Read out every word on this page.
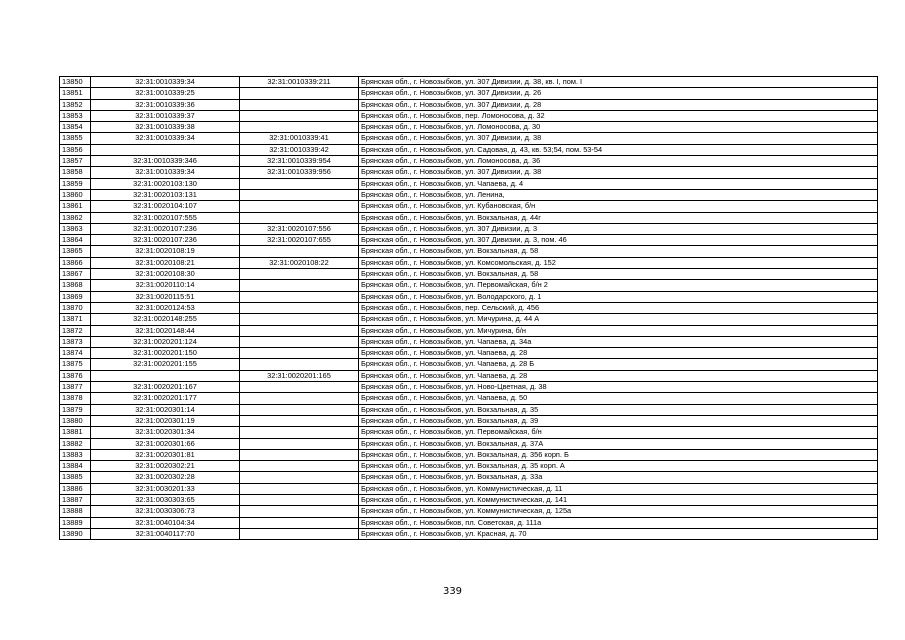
13850	32:31:0010339:34	32:31:0010339:211	Брянская обл., г. Новозыбков, ул. 307 Дивизии, д. 38, кв. I, пом. I
13851	32:31:0010339:25		Брянская обл., г. Новозыбков, ул. 307 Дивизии, д. 26
13852	32:31:0010339:36		Брянская обл., г. Новозыбков, ул. 307 Дивизии, д. 28
13853	32:31:0010339:37		Брянская обл., г. Новозыбков, пер. Ломоносова, д. 32
13854	32:31:0010339:38		Брянская обл., г. Новозыбков, ул. Ломоносова, д. 30
13855	32:31:0010339:34	32:31:0010339:41	Брянская обл., г. Новозыбков, ул. 307 Дивизии, д. 38
13856		32:31:0010339:42	Брянская обл., г. Новозыбков, ул. Садовая, д. 43, кв. 53;54, пом. 53-54
13857	32:31:0010339:346	32:31:0010339:954	Брянская обл., г. Новозыбков, ул. Ломоносова, д. 36
13858	32:31:0010339:34	32:31:0010339:956	Брянская обл., г. Новозыбков, ул. 307 Дивизии, д. 38
13859	32:31:0020103:130		Брянская обл., г. Новозыбков, ул. Чапаева, д. 4
13860	32:31:0020103:131		Брянская обл., г. Новозыбков, ул. Ленина,
13861	32:31:0020104:107		Брянская обл., г. Новозыбков, ул. Кубановская, б/н
13862	32:31:0020107:555		Брянская обл., г. Новозыбков, ул. Вокзальная, д. 44г
13863	32:31:0020107:236	32:31:0020107:556	Брянская обл., г. Новозыбков, ул. 307 Дивизии, д. 3
13864	32:31:0020107:236	32:31:0020107:655	Брянская обл., г. Новозыбков, ул. 307 Дивизии, д. 3, пом. 46
13865	32:31:0020108:19		Брянская обл., г. Новозыбков, ул. Вокзальная, д. 58
13866	32:31:0020108:21	32:31:0020108:22	Брянская обл., г. Новозыбков, ул. Комсомольская, д. 152
13867	32:31:0020108:30		Брянская обл., г. Новозыбков, ул. Вокзальная, д. 58
13868	32:31:0020110:14		Брянская обл., г. Новозыбков, ул. Первомайская, б/н 2
13869	32:31:0020115:51		Брянская обл., г. Новозыбков, ул. Володарского, д. 1
13870	32:31:0020124:53		Брянская обл., г. Новозыбков, пер. Сельский, д. 456
13871	32:31:0020148:255		Брянская обл., г. Новозыбков, ул. Мичурина, д. 44 А
13872	32:31:0020148:44		Брянская обл., г. Новозыбков, ул. Мичурина, б/н
13873	32:31:0020201:124		Брянская обл., г. Новозыбков, ул. Чапаева, д. 34а
13874	32:31:0020201:150		Брянская обл., г. Новозыбков, ул. Чапаева, д. 28
13875	32:31:0020201:155		Брянская обл., г. Новозыбков, ул. Чапаева, д. 28 Б
13876		32:31:0020201:165	Брянская обл., г. Новозыбков, ул. Чапаева, д. 28
13877	32:31:0020201:167		Брянская обл., г. Новозыбков, ул. Ново-Цветная, д. 38
13878	32:31:0020201:177		Брянская обл., г. Новозыбков, ул. Чапаева, д. 50
13879	32:31:0020301:14		Брянская обл., г. Новозыбков, ул. Вокзальная, д. 35
13880	32:31:0020301:19		Брянская обл., г. Новозыбков, ул. Вокзальная, д. 39
13881	32:31:0020301:34		Брянская обл., г. Новозыбков, ул. Первомайская, б/н
13882	32:31:0020301:66		Брянская обл., г. Новозыбков, ул. Вокзальная, д. 37А
13883	32:31:0020301:81		Брянская обл., г. Новозыбков, ул. Вокзальная, д. 356 корп. Б
13884	32:31:0020302:21		Брянская обл., г. Новозыбков, ул. Вокзальная, д. 35 корп. А
13885	32:31:0020302:28		Брянская обл., г. Новозыбков, ул. Вокзальная, д. 33а
13886	32:31:0030201:33		Брянская обл., г. Новозыбков, ул. Коммунистическая, д. 11
13887	32:31:0030303:65		Брянская обл., г. Новозыбков, ул. Коммунистическая, д. 141
13888	32:31:0030306:73		Брянская обл., г. Новозыбков, ул. Коммунистическая, д. 125а
13889	32:31:0040104:34		Брянская обл., г. Новозыбков, пл. Советская, д. 111а
13890	32:31:0040117:70		Брянская обл., г. Новозыбков, ул. Красная, д. 70
339
